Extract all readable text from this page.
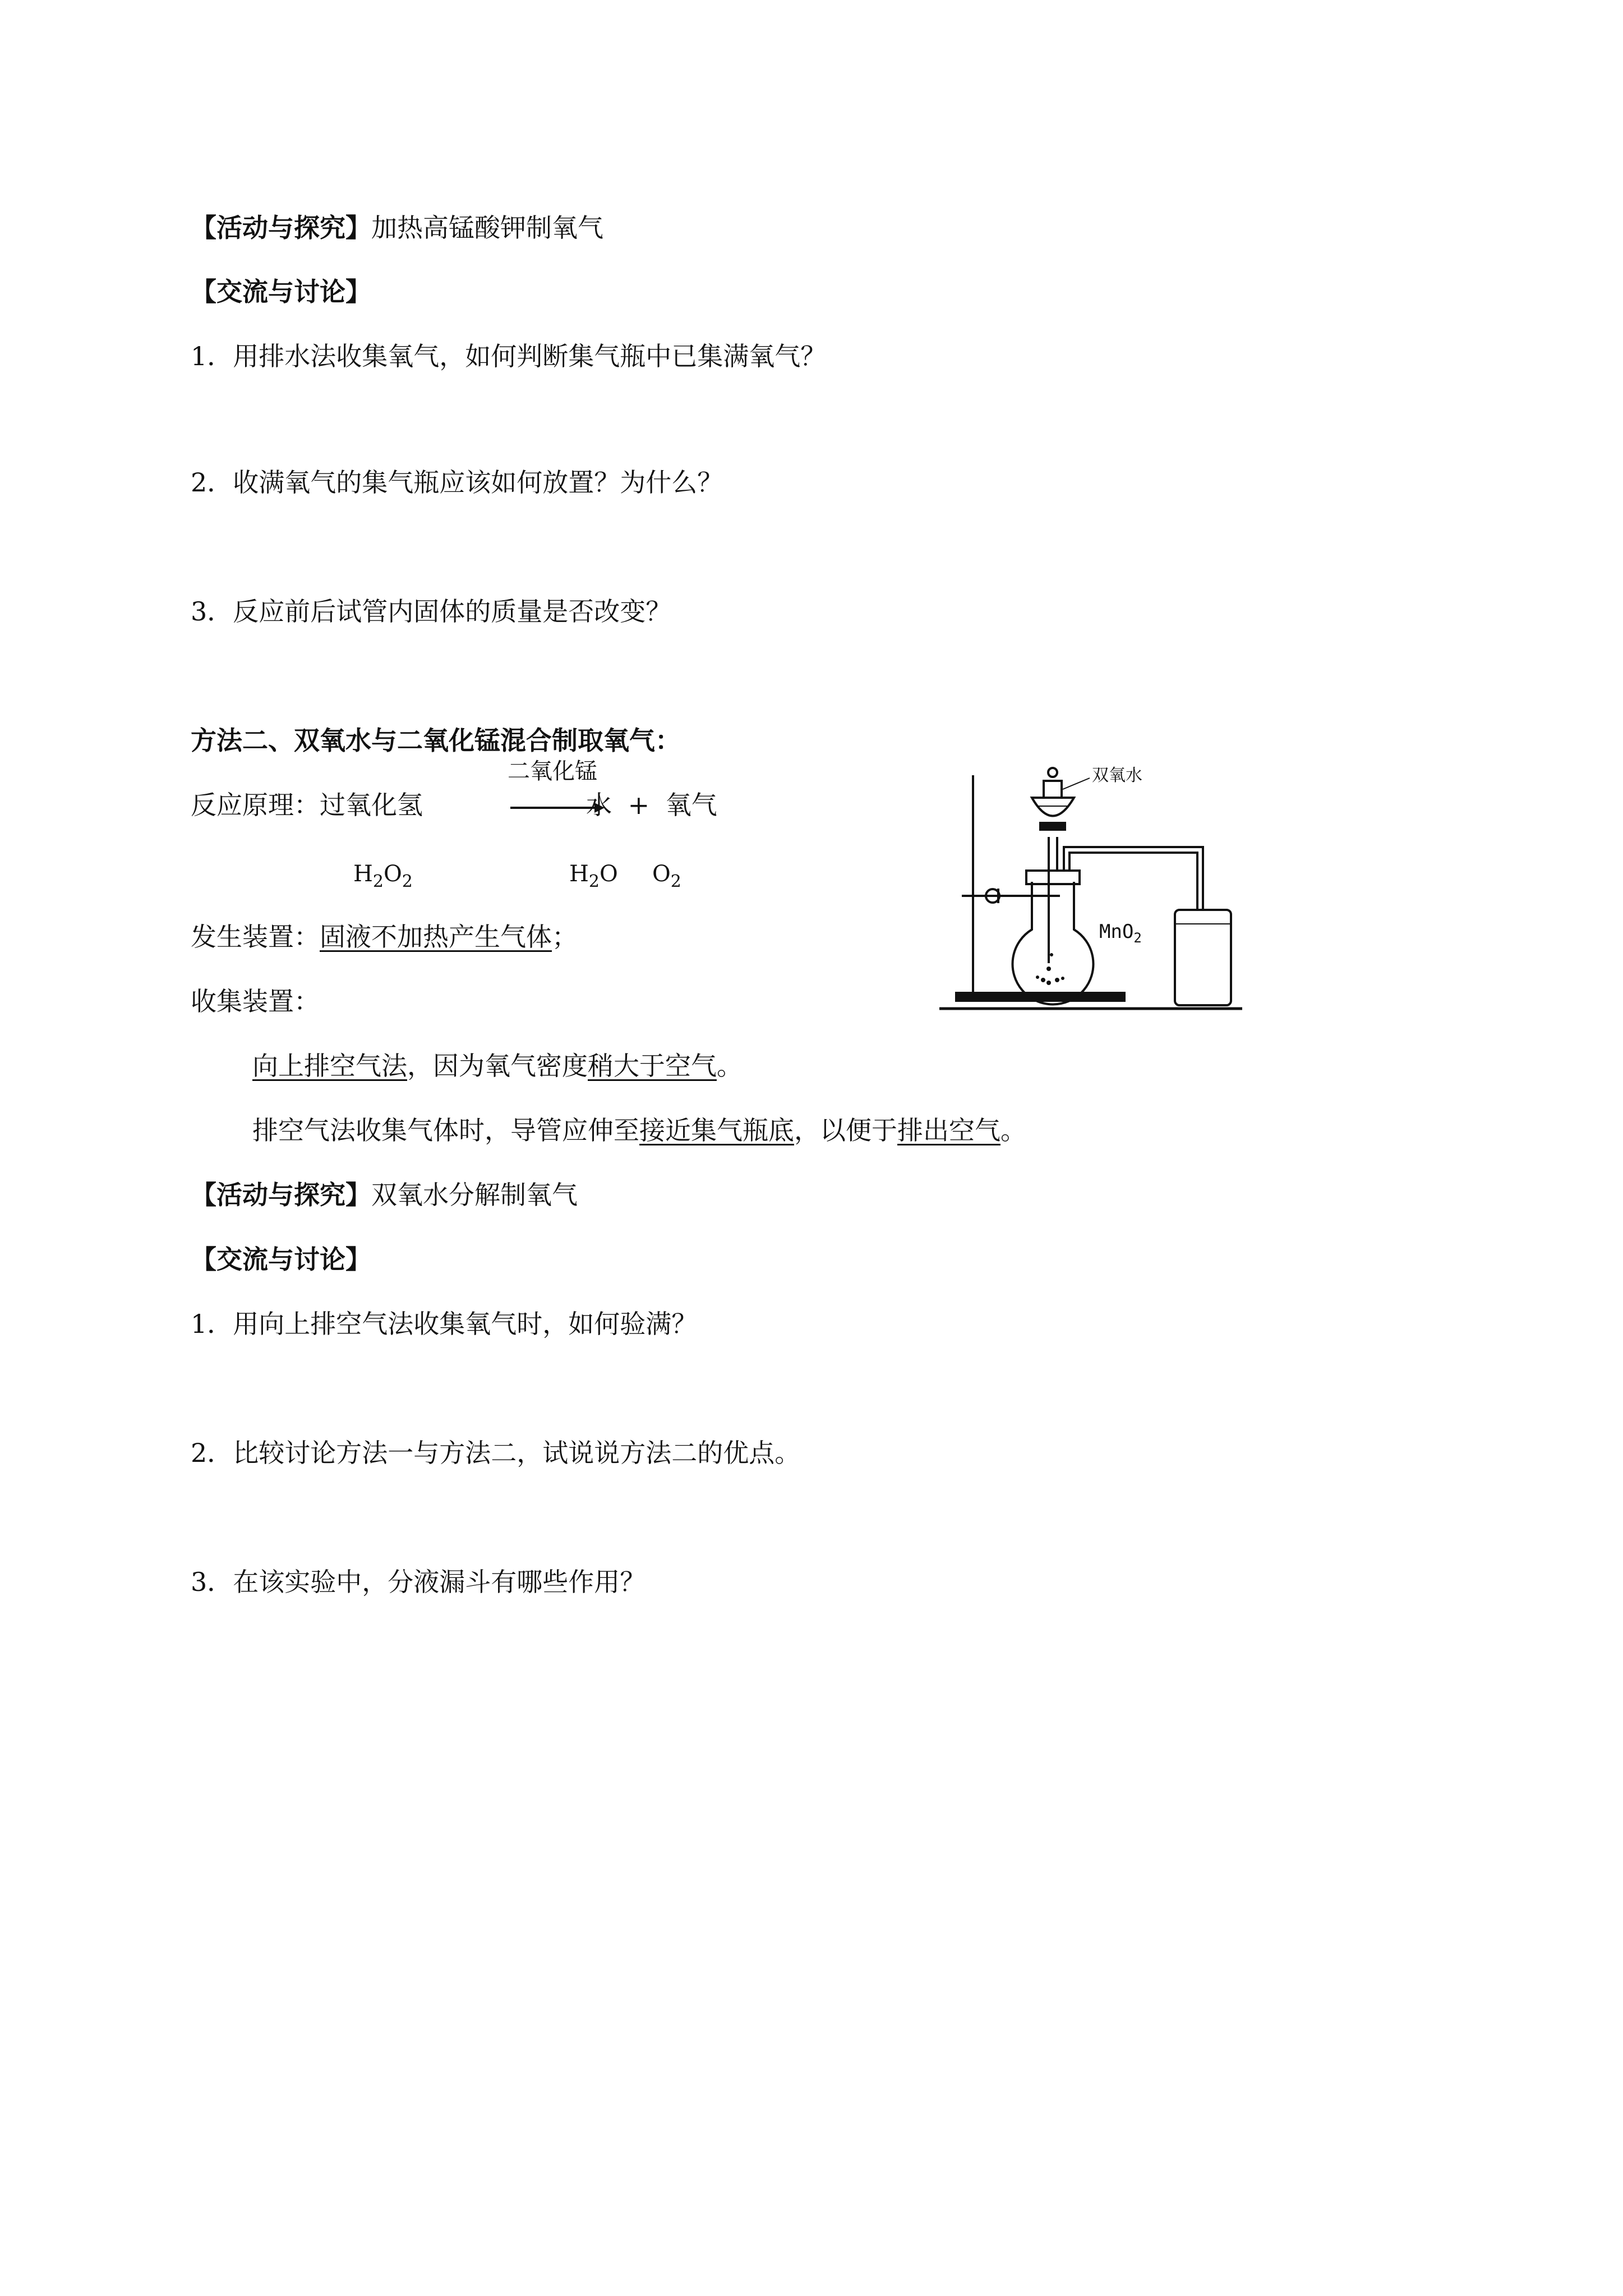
【活动与探究】加热高锰酸钾制氧气
【交流与讨论】
1．用排水法收集氧气，如何判断集气瓶中已集满氧气？
2．收满氧气的集气瓶应该如何放置？为什么？
3．反应前后试管内固体的质量是否改变？
方法二、双氧水与二氧化锰混合制取氧气：
二氧化锰
反应原理：过氧化氢	水 + 氧气
$H_2O_2$	$H_2O$ $O_2$
发生装置：固液不加热产生气体；
收集装置：
向上排空气法，因为氧气密度稍大于空气。
排空气法收集气体时，导管应伸至接近集气瓶底，以便于排出空气。
双氧水
MnO$_2$
【活动与探究】双氧水分解制氧气
【交流与讨论】
1．用向上排空气法收集氧气时，如何验满？
2．比较讨论方法一与方法二，试说说方法二的优点。
3．在该实验中，分液漏斗有哪些作用？
